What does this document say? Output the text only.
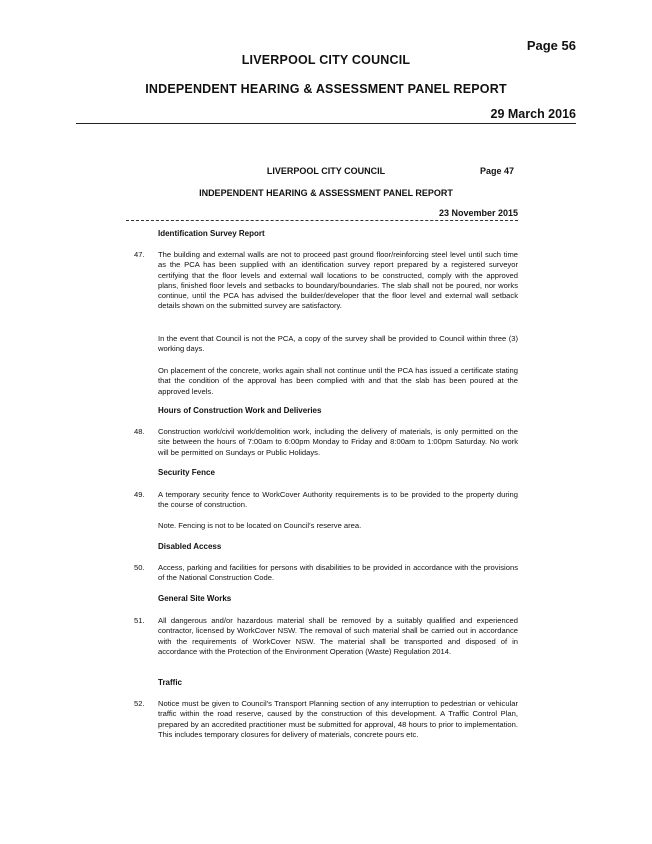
Page 56
LIVERPOOL CITY COUNCIL
INDEPENDENT HEARING & ASSESSMENT PANEL REPORT
29 March 2016
LIVERPOOL CITY COUNCIL	Page 47
INDEPENDENT HEARING & ASSESSMENT PANEL REPORT
23 November 2015
Identification Survey Report
47. The building and external walls are not to proceed past ground floor/reinforcing steel level until such time as the PCA has been supplied with an identification survey report prepared by a registered surveyor certifying that the floor levels and external wall locations to be constructed, comply with the approved plans, finished floor levels and setbacks to boundary/boundaries. The slab shall not be poured, nor works continue, until the PCA has advised the builder/developer that the floor level and external wall setback details shown on the submitted survey are satisfactory.
In the event that Council is not the PCA, a copy of the survey shall be provided to Council within three (3) working days.
On placement of the concrete, works again shall not continue until the PCA has issued a certificate stating that the condition of the approval has been complied with and that the slab has been poured at the approved levels.
Hours of Construction Work and Deliveries
48. Construction work/civil work/demolition work, including the delivery of materials, is only permitted on the site between the hours of 7:00am to 6:00pm Monday to Friday and 8:00am to 1:00pm Saturday. No work will be permitted on Sundays or Public Holidays.
Security Fence
49. A temporary security fence to WorkCover Authority requirements is to be provided to the property during the course of construction.
Note. Fencing is not to be located on Council's reserve area.
Disabled Access
50. Access, parking and facilities for persons with disabilities to be provided in accordance with the provisions of the National Construction Code.
General Site Works
51. All dangerous and/or hazardous material shall be removed by a suitably qualified and experienced contractor, licensed by WorkCover NSW. The removal of such material shall be carried out in accordance with the requirements of WorkCover NSW. The material shall be transported and disposed of in accordance with the Protection of the Environment Operation (Waste) Regulation 2014.
Traffic
52. Notice must be given to Council's Transport Planning section of any interruption to pedestrian or vehicular traffic within the road reserve, caused by the construction of this development. A Traffic Control Plan, prepared by an accredited practitioner must be submitted for approval, 48 hours to prior to implementation. This includes temporary closures for delivery of materials, concrete pours etc.
